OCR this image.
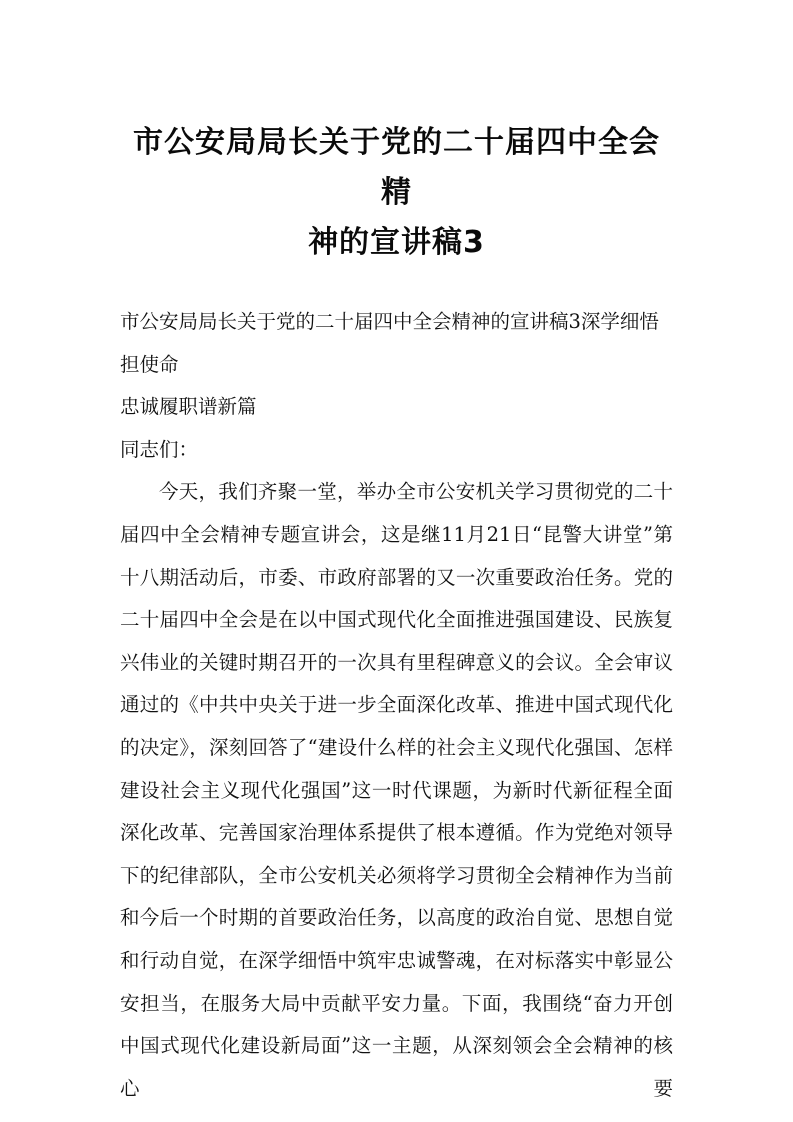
市公安局局长关于党的二十届四中全会精
神的宣讲稿3

市公安局局长关于党的二十届四中全会精神的宣讲稿3深学细悟担使命

忠诚履职谱新篇

同志们：

今天，我们齐聚一堂，举办全市公安机关学习贯彻党的二十届四中全会精神专题宣讲会，这是继11月21日“昆警大讲堂”第十八期活动后，市委、市政府部署的又一次重要政治任务。党的二十届四中全会是在以中国式现代化全面推进强国建设、民族复兴伟业的关键时期召开的一次具有里程碑意义的会议。全会审议通过的《中共中央关于进一步全面深化改革、推进中国式现代化的决定》，深刻回答了“建设什么样的社会主义现代化强国、怎样建设社会主义现代化强国”这一时代课题，为新时代新征程全面深化改革、完善国家治理体系提供了根本遵循。作为党绝对领导下的纪律部队，全市公安机关必须将学习贯彻全会精神作为当前和今后一个时期的首要政治任务，以高度的政治自觉、思想自觉和行动自觉，在深学细悟中筑牢忠诚警魂，在对标落实中彰显公安担当，在服务大局中贡献平安力量。下面，我围绕“奋力开创中国式现代化建设新局面”这一主题，从深刻领会全会精神的核心要
